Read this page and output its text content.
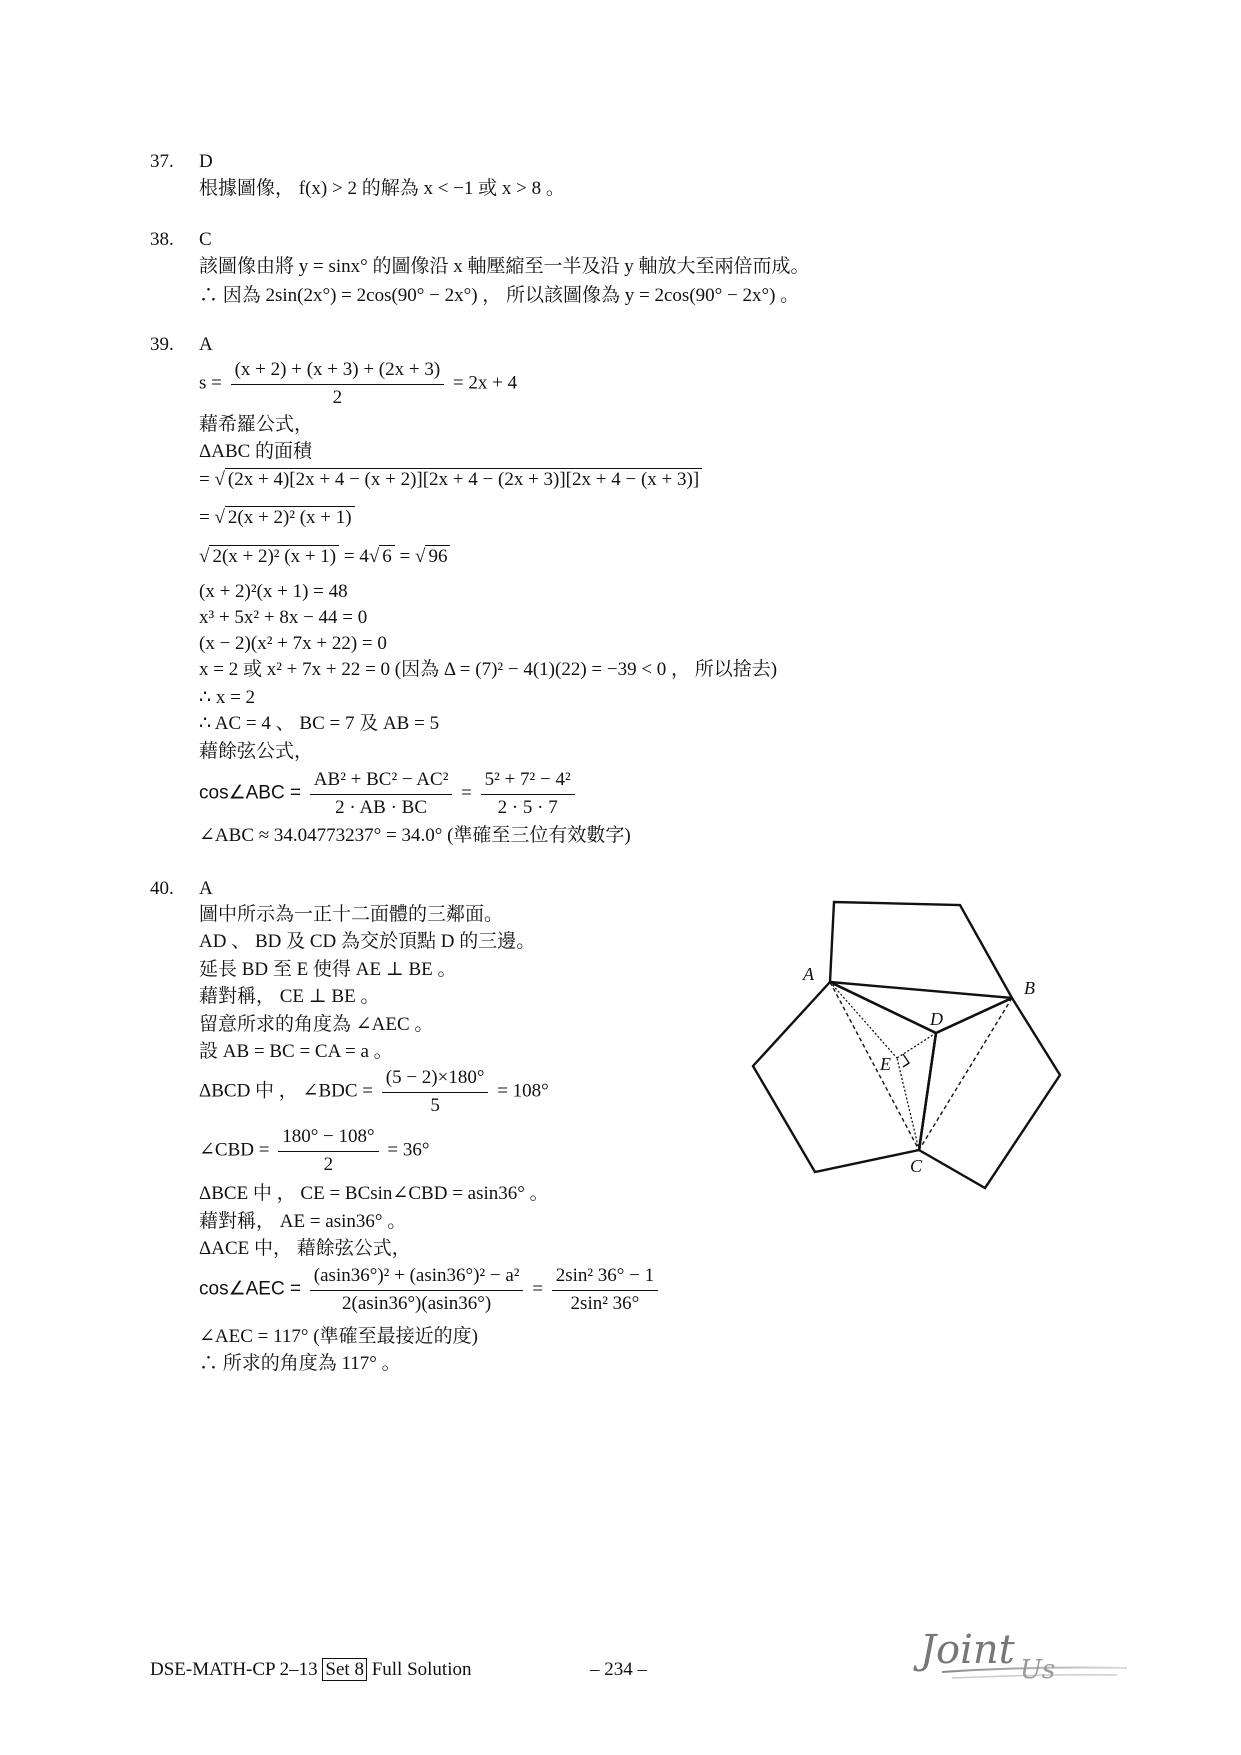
37. D
根據圖像， f(x) > 2 的解為 x < −1 或 x > 8 。
38. C
該圖像由將 y = sinx° 的圖像沿 x 軸壓縮至一半及沿 y 軸放大至兩倍而成。
∴ 因為 2sin(2x°) = 2cos(90° − 2x°) ， 所以該圖像為 y = 2cos(90° − 2x°) 。
39. A
$s = \frac{(x + 2) + (x + 3) + (2x + 3)}{2} = 2x + 4$
藉希羅公式，
ΔABC 的面積
= √ (2x + 4)[2x + 4 − (x + 2)][2x + 4 − (2x + 3)][2x + 4 − (x + 3)]
= √ 2(x + 2)² (x + 1)
√ 2(x + 2)² (x + 1) = 4√ 6 = √ 96
(x + 2)²(x + 1) = 48
x³ + 5x² + 8x − 44 = 0
(x − 2)(x² + 7x + 22) = 0
x = 2 或 x² + 7x + 22 = 0 (因為 Δ = (7)² − 4(1)(22) = −39 < 0 ， 所以捨去)
∴ x = 2
∴ AC = 4 、 BC = 7 及 AB = 5
藉餘弦公式，
cos∠ABC = $\frac{\text{AB² + BC² − AC²}}{2 \cdot AB \cdot BC} = \frac{\text{5² + 7² − 4²}}{2 \cdot 5 \cdot 7}$
∠ABC ≈ 34.04773237° = 34.0° (準確至三位有效數字)
40. A
圖中所示為一正十二面體的三鄰面。
AD 、 BD 及 CD 為交於頂點 D 的三邊。
延長 BD 至 E 使得 AE ⊥ BE 。
藉對稱， CE ⊥ BE 。
留意所求的角度為 ∠AEC 。
設 AB = BC = CA = a 。
ΔBCD 中 ， ∠BDC = $\frac{(5 - 2)\times 180^\circ}{5} = 108^\circ$
∠CBD = $\frac{180^\circ - 108^\circ}{2} = 36^\circ$
ΔBCE 中 ， CE = BCsin∠CBD = asin36° 。
藉對稱， AE = asin36° 。
ΔACE 中， 藉餘弦公式，
cos∠AEC = $\frac{\text{(asin36°)² + (asin36°)² − a²}}{2(asin36^\circ)(asin36^\circ)} = \frac{\text{2sin² 36° − 1}}{\text{2sin² 36°}}$
∠AEC = 117° (準確至最接近的度)
∴ 所求的角度為 117° 。
A
B
C
D
E
DSE-MATH-CP 2–13 Set 8 Full Solution	– 234 –	Joint Us
